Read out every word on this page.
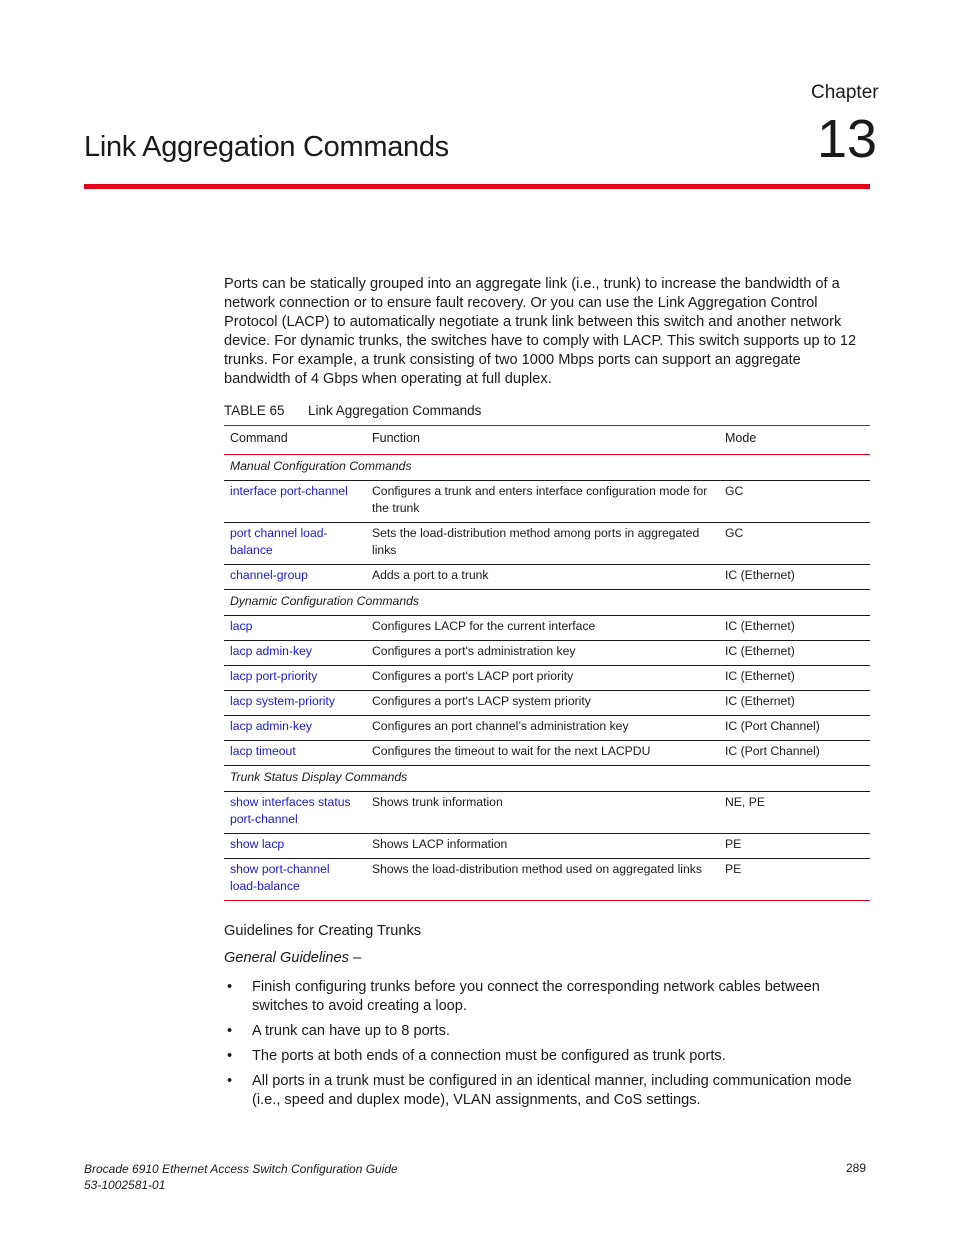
Chapter
13
Link Aggregation Commands

Ports can be statically grouped into an aggregate link (i.e., trunk) to increase the bandwidth of a network connection or to ensure fault recovery. Or you can use the Link Aggregation Control Protocol (LACP) to automatically negotiate a trunk link between this switch and another network device. For dynamic trunks, the switches have to comply with LACP. This switch supports up to 12 trunks. For example, a trunk consisting of two 1000 Mbps ports can support an aggregate bandwidth of 4 Gbps when operating at full duplex.

TABLE 65 Link Aggregation Commands
Command	Function	Mode
Manual Configuration Commands		
interface port-channel	Configures a trunk and enters interface configuration mode for the trunk	GC
port channel load-balance	Sets the load-distribution method among ports in aggregated links	GC
channel-group	Adds a port to a trunk	IC (Ethernet)
Dynamic Configuration Commands		
lacp	Configures LACP for the current interface	IC (Ethernet)
lacp admin-key	Configures a port's administration key	IC (Ethernet)
lacp port-priority	Configures a port's LACP port priority	IC (Ethernet)
lacp system-priority	Configures a port's LACP system priority	IC (Ethernet)
lacp admin-key	Configures an port channel’s administration key	IC (Port Channel)
lacp timeout	Configures the timeout to wait for the next LACPDU	IC (Port Channel)
Trunk Status Display Commands		
show interfaces status port-channel	Shows trunk information	NE, PE
show lacp	Shows LACP information	PE
show port-channel load-balance	Shows the load-distribution method used on aggregated links	PE
Guidelines for Creating Trunks
General Guidelines –
• Finish configuring trunks before you connect the corresponding network cables between switches to avoid creating a loop.
• A trunk can have up to 8 ports.
• The ports at both ends of a connection must be configured as trunk ports.
• All ports in a trunk must be configured in an identical manner, including communication mode (i.e., speed and duplex mode), VLAN assignments, and CoS settings.
Brocade 6910 Ethernet Access Switch Configuration Guide
53-1002581-01
289
